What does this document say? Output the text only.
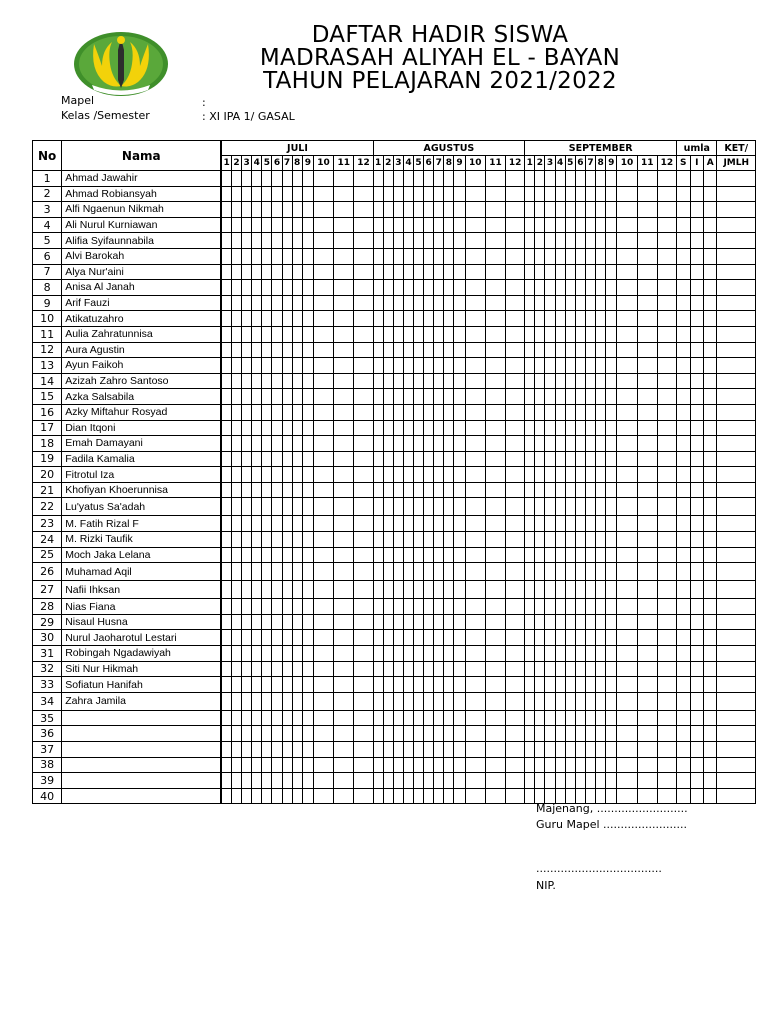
DAFTAR HADIR SISWA
MADRASAH ALIYAH EL - BAYAN
TAHUN PELAJARAN 2021/2022
Mapel	:
Kelas /Semester	: XI IPA 1/ GASAL
No	Nama	JULI												AGUSTUS												SEPTEMBER												umla			KET/
		1	2	3	4	5	6	7	8	9	10	11	12	1	2	3	4	5	6	7	8	9	10	11	12	1	2	3	4	5	6	7	8	9	10	11	12	S	I	A	JMLH
1	Ahmad Jawahir																																								
2	Ahmad Robiansyah																																								
3	Alfi Ngaenun Nikmah																																								
4	Ali Nurul Kurniawan																																								
5	Alifia Syifaunnabila																																								
6	Alvi Barokah																																								
7	Alya Nur'aini																																								
8	Anisa Al Janah																																								
9	Arif Fauzi																																								
10	Atikatuzahro																																								
11	Aulia Zahratunnisa																																								
12	Aura Agustin																																								
13	Ayun Faikoh																																								
14	Azizah Zahro Santoso																																								
15	Azka Salsabila																																								
16	Azky Miftahur Rosyad																																								
17	Dian Itqoni																																								
18	Emah Damayani																																								
19	Fadila Kamalia																																								
20	Fitrotul Iza																																								
21	Khofiyan Khoerunnisa																																								
22	Lu'yatus Sa'adah																																								
23	M. Fatih Rizal F																																								
24	M. Rizki Taufik																																								
25	Moch Jaka Lelana																																								
26	Muhamad Aqil																																								
27	Nafii Ihksan																																								
28	Nias Fiana																																								
29	Nisaul Husna																																								
30	Nurul Jaoharotul Lestari																																								
31	Robingah Ngadawiyah																																								
32	Siti Nur Hikmah																																								
33	Sofiatun Hanifah																																								
34	Zahra Jamila																																								
35																																									
36																																									
37																																									
38																																									
39																																									
40																																									
Majenang, ..........................
Guru Mapel ........................
....................................
NIP.
